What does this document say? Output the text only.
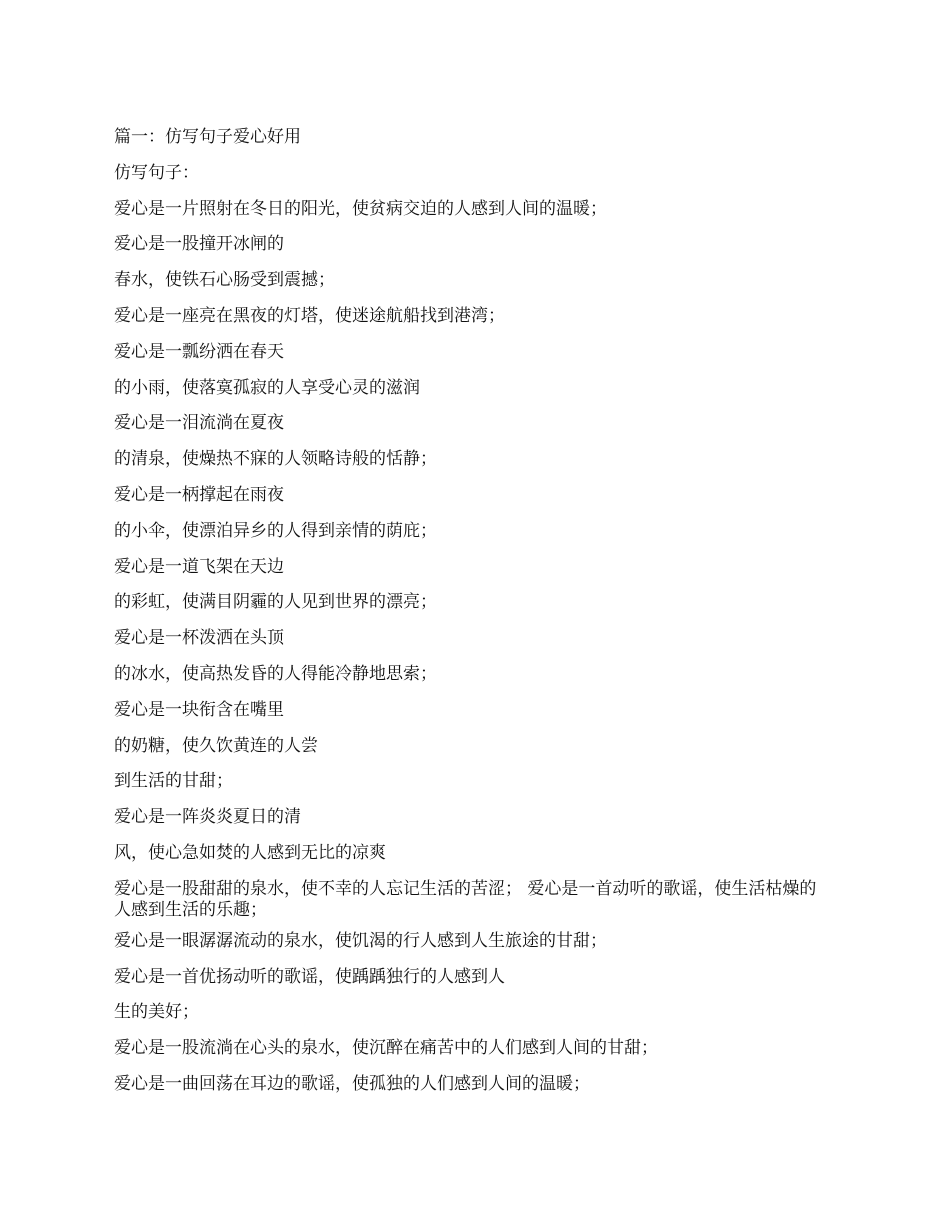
篇一：仿写句子爱心好用
仿写句子：
爱心是一片照射在冬日的阳光，使贫病交迫的人感到人间的温暖；
爱心是一股撞开冰闸的
春水，使铁石心肠受到震撼；
爱心是一座亮在黑夜的灯塔，使迷途航船找到港湾；
爱心是一瓢纷洒在春天
的小雨，使落寞孤寂的人享受心灵的滋润
爱心是一泪流淌在夏夜
的清泉，使燥热不寐的人领略诗般的恬静；
爱心是一柄撑起在雨夜
的小伞，使漂泊异乡的人得到亲情的荫庇；
爱心是一道飞架在天边
的彩虹，使满目阴霾的人见到世界的漂亮；
爱心是一杯泼洒在头顶
的冰水，使高热发昏的人得能冷静地思索；
爱心是一块衔含在嘴里
的奶糖，使久饮黄连的人尝
到生活的甘甜；
爱心是一阵炎炎夏日的清
风，使心急如焚的人感到无比的凉爽
爱心是一股甜甜的泉水，使不幸的人忘记生活的苦涩； 爱心是一首动听的歌谣，使生活枯燥的人感到生活的乐趣；
爱心是一眼潺潺流动的泉水，使饥渴的行人感到人生旅途的甘甜；
爱心是一首优扬动听的歌谣，使踽踽独行的人感到人
生的美好；
爱心是一股流淌在心头的泉水，使沉醉在痛苦中的人们感到人间的甘甜；
爱心是一曲回荡在耳边的歌谣，使孤独的人们感到人间的温暖；
